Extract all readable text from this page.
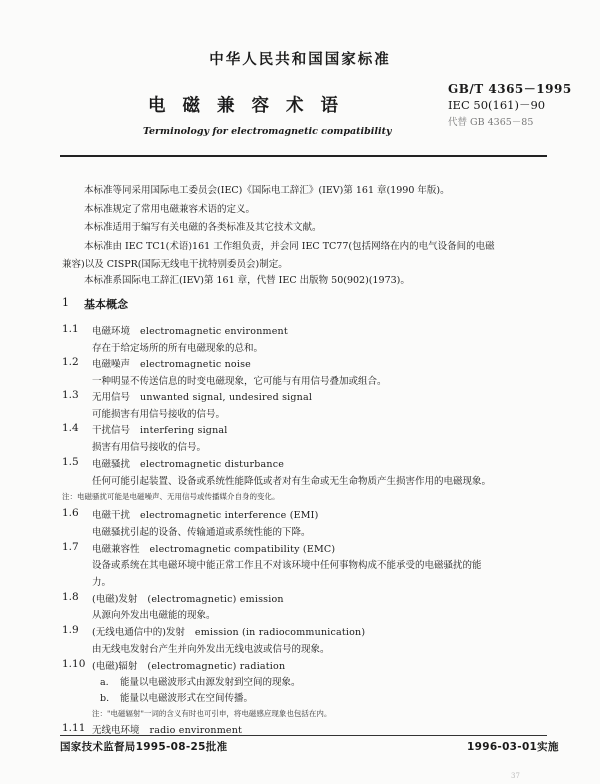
中华人民共和国国家标准
GB/T 4365－1995
IEC 50(161)－90
代替 GB 4365－85
电磁兼容术语
Terminology for electromagnetic compatibility
本标准等同采用国际电工委员会(IEC)《国际电工辞汇》(IEV)第 161 章(1990 年版)。
本标准规定了常用电磁兼容术语的定义。
本标准适用于编写有关电磁的各类标准及其它技术文献。
本标准由 IEC TC1(术语)161 工作组负责，并会同 IEC TC77(包括网络在内的电气设备间的电磁
兼容)以及 CISPR(国际无线电干扰特别委员会)制定。
本标准系国际电工辞汇(IEV)第 161 章，代替 IEC 出版物 50(902)(1973)。
1 基本概念
1.1 电磁环境 electromagnetic environment
存在于给定场所的所有电磁现象的总和。
1.2 电磁噪声 electromagnetic noise
一种明显不传送信息的时变电磁现象，它可能与有用信号叠加或组合。
1.3 无用信号 unwanted signal, undesired signal
可能损害有用信号接收的信号。
1.4 干扰信号 interfering signal
损害有用信号接收的信号。
1.5 电磁骚扰 electromagnetic disturbance
任何可能引起装置、设备或系统性能降低或者对有生命或无生命物质产生损害作用的电磁现象。
注：电磁骚扰可能是电磁噪声、无用信号或传播媒介自身的变化。
1.6 电磁干扰 electromagnetic interference (EMI)
电磁骚扰引起的设备、传输通道或系统性能的下降。
1.7 电磁兼容性 electromagnetic compatibility (EMC)
设备或系统在其电磁环境中能正常工作且不对该环境中任何事物构成不能承受的电磁骚扰的能
力。
1.8 (电磁)发射 (electromagnetic) emission
从源向外发出电磁能的现象。
1.9 (无线电通信中的)发射 emission (in radiocommunication)
由无线电发射台产生并向外发出无线电波或信号的现象。
1.10 (电磁)辐射 (electromagnetic) radiation
a. 能量以电磁波形式由源发射到空间的现象。
b. 能量以电磁波形式在空间传播。
注："电磁辐射"一词的含义有时也可引申，将电磁感应现象也包括在内。
1.11 无线电环境 radio environment
国家技术监督局1995-08-25批准	1996-03-01实施
37
